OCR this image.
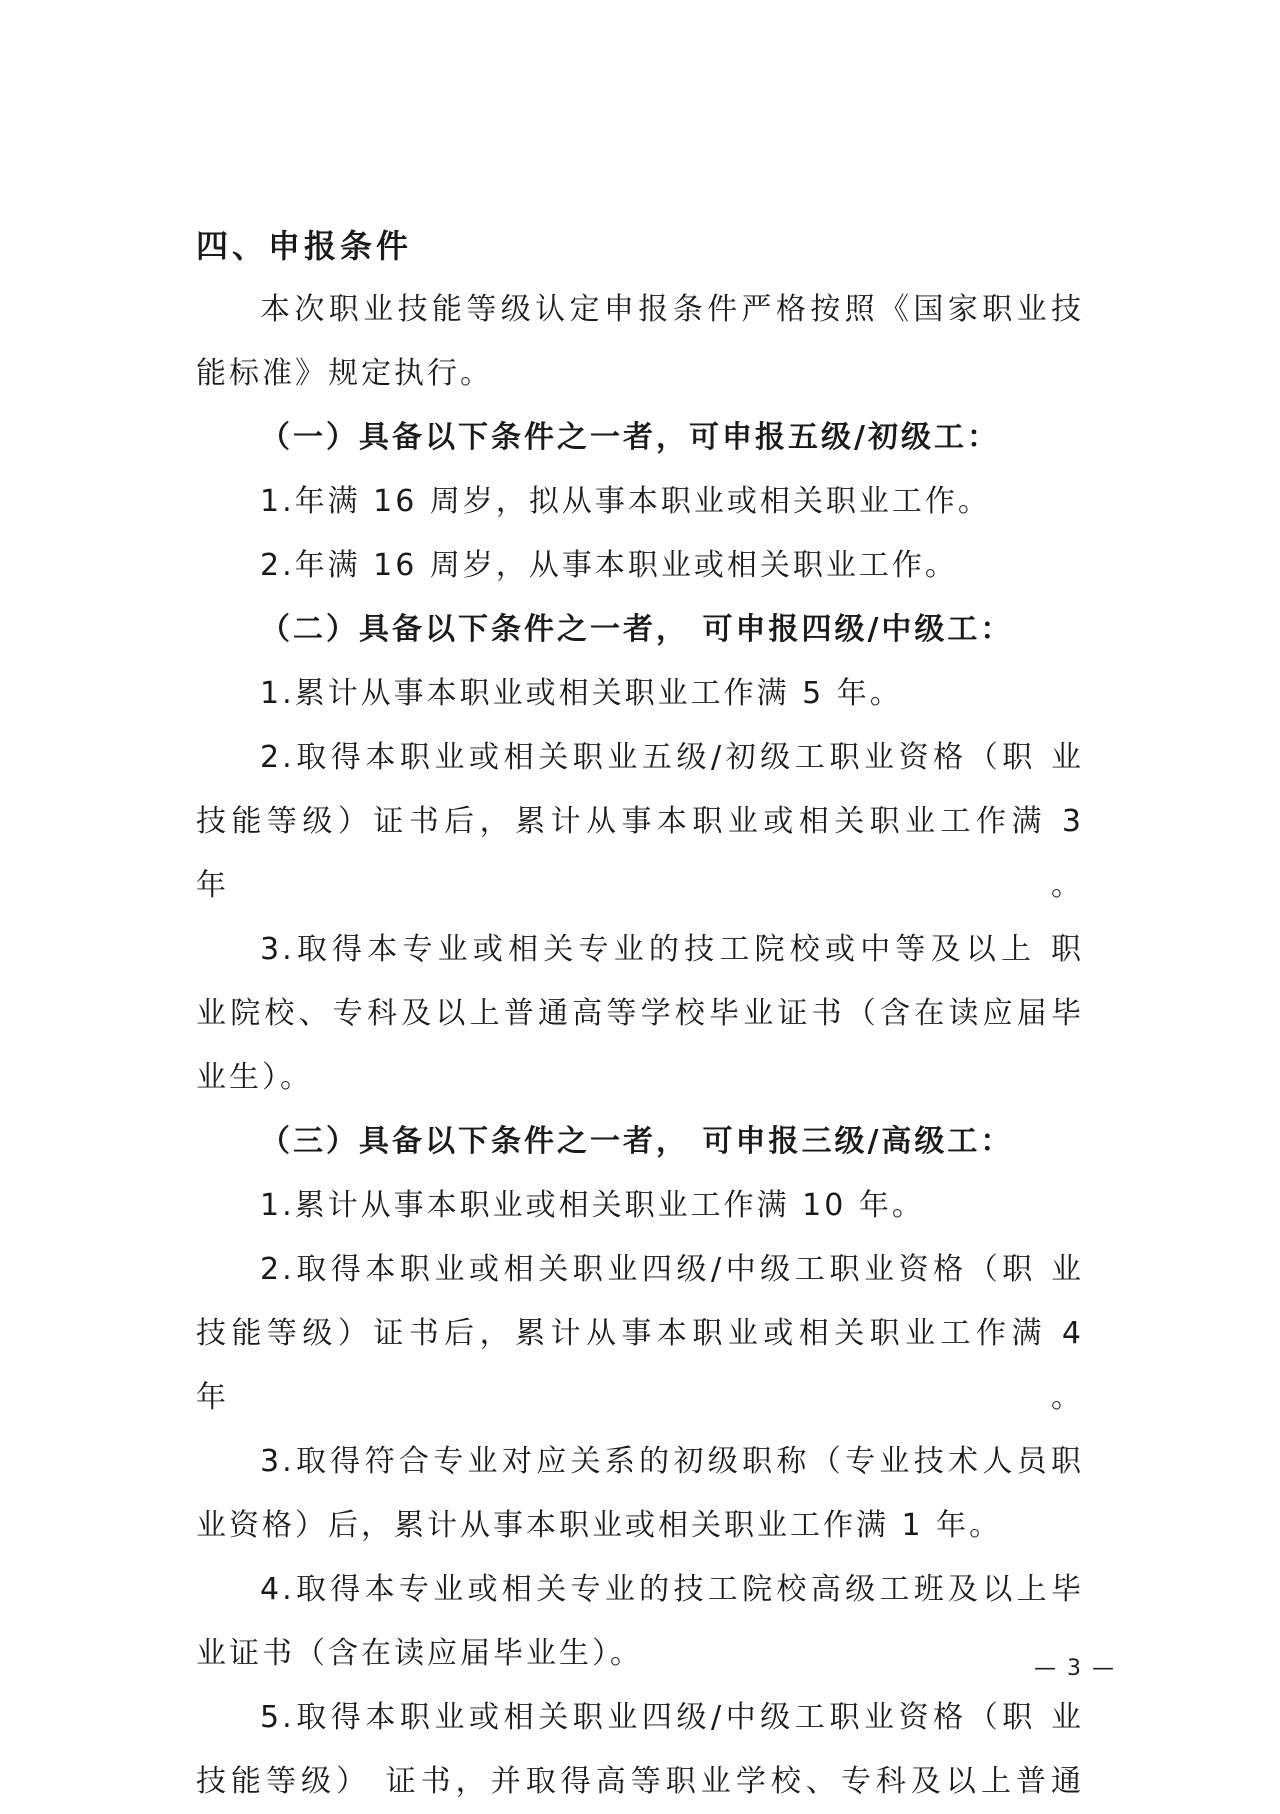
四、申报条件

本次职业技能等级认定申报条件严格按照《国家职业技

能标准》规定执行。

（一）具备以下条件之一者，可申报五级/初级工：

1.年满 16 周岁，拟从事本职业或相关职业工作。

2.年满 16 周岁，从事本职业或相关职业工作。

（二）具备以下条件之一者， 可申报四级/中级工：

1.累计从事本职业或相关职业工作满 5 年。

2.取得本职业或相关职业五级/初级工职业资格（职 业

技能等级）证书后，累计从事本职业或相关职业工作满 3 年。

3.取得本专业或相关专业的技工院校或中等及以上 职

业院校、专科及以上普通高等学校毕业证书（含在读应届毕

业生）。

（三）具备以下条件之一者， 可申报三级/高级工：

1.累计从事本职业或相关职业工作满 10 年。

2.取得本职业或相关职业四级/中级工职业资格（职 业

技能等级）证书后，累计从事本职业或相关职业工作满 4 年。

3.取得符合专业对应关系的初级职称（专业技术人员职

业资格）后，累计从事本职业或相关职业工作满 1 年。

4.取得本专业或相关专业的技工院校高级工班及以上毕

业证书（含在读应届毕业生）。

5.取得本职业或相关职业四级/中级工职业资格（职 业

技能等级） 证书，并取得高等职业学校、专科及以上普通

— 3 —
